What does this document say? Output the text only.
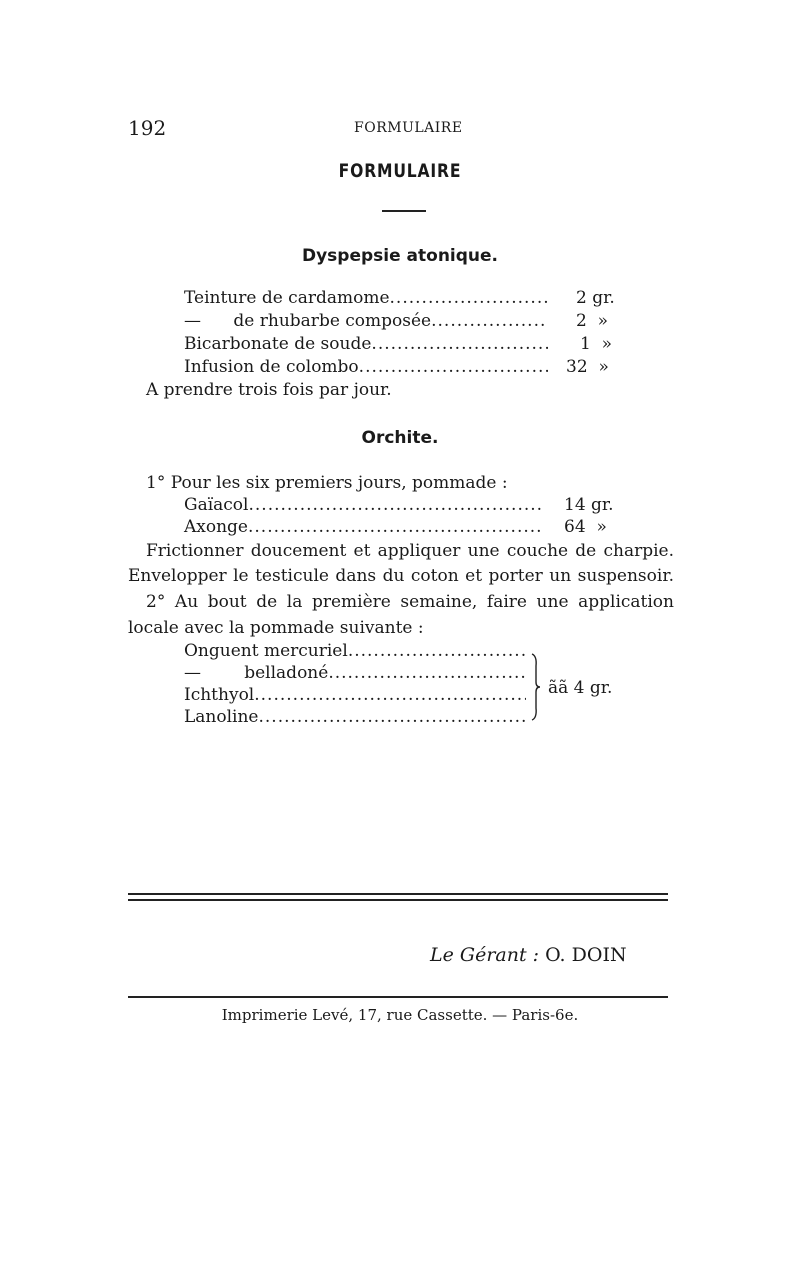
192	FORMULAIRE
FORMULAIRE
Dyspepsie atonique.
Teinture de cardamome .....	2 gr.
—      de rhubarbe composée .....	2  »
Bicarbonate de soude .....	1  »
Infusion de colombo .....	32  »
A prendre trois fois par jour.
Orchite.
1° Pour les six premiers jours, pommade :
Gaïacol .....	14 gr.
Axonge .....	64  »
Frictionner doucement et appliquer une couche de charpie.
Envelopper le testicule dans du coton et porter un suspensoir.
2° Au bout de la première semaine, faire une application
locale avec la pommade suivante :
Onguent mercuriel
.....
—        belladoné
.....
Ichthyol
.....
Lanoline
.....
ãã 4 gr.
Le Gérant : O. DOIN
Imprimerie Levé, 17, rue Cassette. — Paris-6e.
